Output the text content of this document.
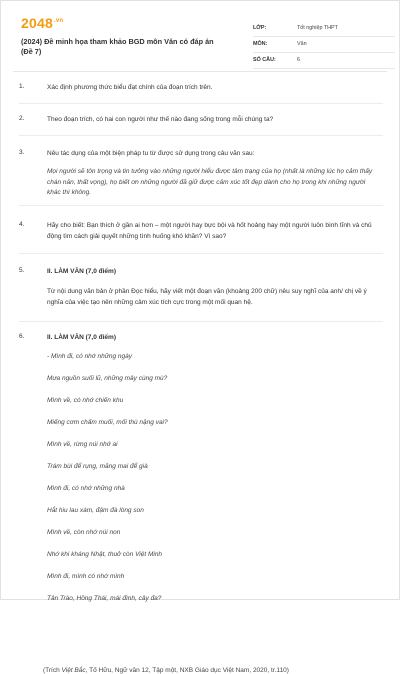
$2048^{.vn}$
(2024) Đề minh họa tham khảo BGD môn Văn có đáp án (Đề 7)
LỚP:	Tốt nghiệp THPT
MÔN:	Văn
SỐ CÂU:	6
1.	Xác định phương thức biểu đạt chính của đoạn trích trên.
2.	Theo đoạn trích, có hai con người như thế nào đang sống trong mỗi chúng ta?
3.	Nêu tác dụng của một biện pháp tu từ được sử dụng trong câu văn sau:
Mọi người sẽ tôn trọng và tin tưởng vào những người hiểu được tâm trạng của họ (nhất là những lúc họ cảm thấy chán nản, thất vọng), họ biết ơn những người đã giữ được cảm xúc tốt đẹp dành cho họ trong khi những người khác thì không.
4.	Hãy cho biết: Bạn thích ở gần ai hơn – một người hay bực bội và hốt hoảng hay một người luôn bình tĩnh và chủ động tìm cách giải quyết những tình huống khó khăn? Vì sao?
5.	II. LÀM VĂN (7,0 điểm)
Từ nội dung văn bản ở phần Đọc hiểu, hãy viết một đoạn văn (khoảng 200 chữ) nêu suy nghĩ của anh/ chị về ý nghĩa của việc tạo nên những cảm xúc tích cực trong một mối quan hệ.
6.	II. LÀM VĂN (7,0 điểm)
- Mình đi, có nhớ những ngày
Mưa nguồn suối lũ, những mây cùng mù?
Mình về, có nhớ chiến khu
Miếng cơm chấm muối, mối thù nặng vai?
Mình về, rừng núi nhớ ai
Trám bùi để rụng, măng mai để già
Mình đi, có nhớ những nhà
Hắt hiu lau xám, đậm đà lòng son
Mình về, còn nhớ núi non
Nhớ khi kháng Nhật, thuở còn Việt Minh
Mình đi, mình có nhớ mình
Tân Trào, Hồng Thái, mái đình, cây đa?
(Trích Việt Bắc, Tố Hữu, Ngữ văn 12, Tập một, NXB Giáo dục Việt Nam, 2020, tr.110)
